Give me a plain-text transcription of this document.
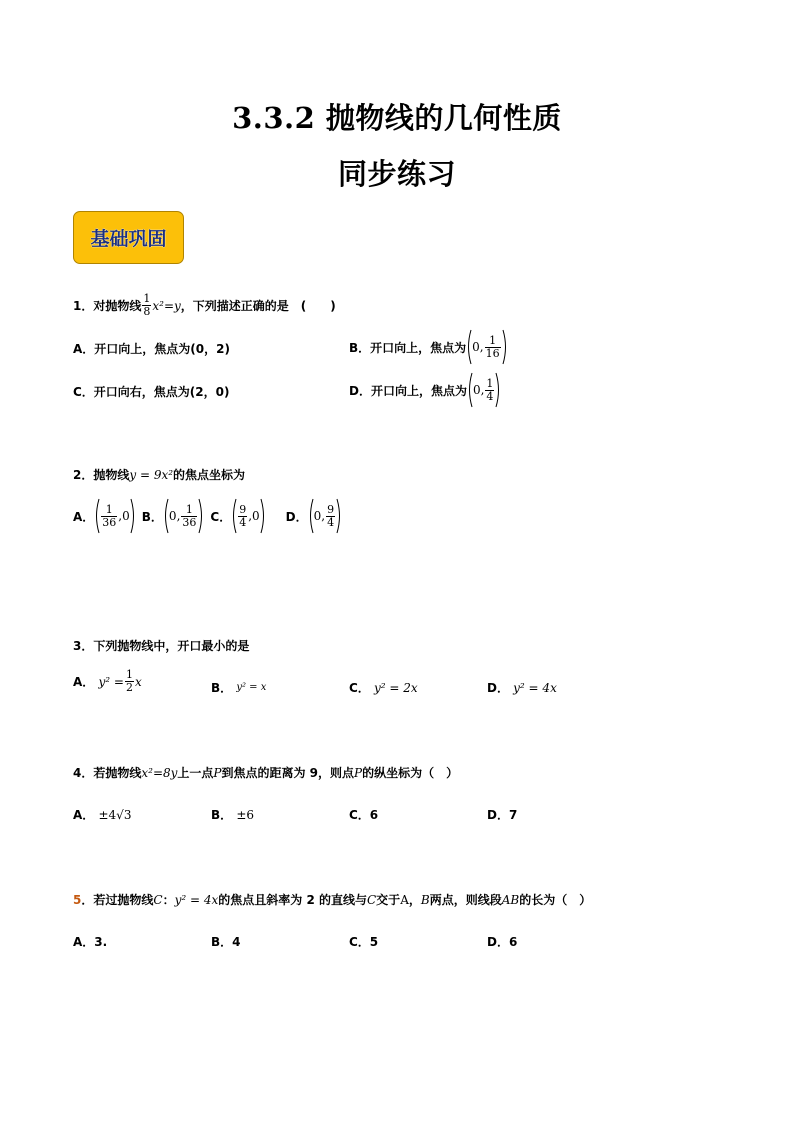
3.3.2 抛物线的几何性质
同步练习
基础巩固
1．对抛物线 $\frac{1}{8} x^2=y$ ，下列描述正确的是　(　　)
A．开口向上，焦点为(0，2)	B．开口向上，焦点为 0, $\frac{1}{16}$
C．开口向右，焦点为(2，0)	D．开口向上，焦点为 0, $\frac{1}{4}$
2．抛物线 y = 9x² 的焦点坐标为
A． $\frac{1}{36}$ , 0 B． 0 , $\frac{1}{36}$ C． $\frac{9}{4}$ , 0 D． 0 , $\frac{9}{4}$
3．下列抛物线中，开口最小的是
A．
$y^2 = \frac{1}{2}$ x	B．
y² = x	C．
y² = 2x	D．
y² = 4x
4．若抛物线 x²=8y 上一点 P 到焦点的距离为 9，则点 P 的纵坐标为（　）
A．
±4√3	B．
±6	C．6	D．7
5 ．若过抛物线 C ： y² = 4x 的焦点且斜率为 2 的直线与 C 交于 A ， B 两点，则线段 AB 的长为（　）
A．3.	B．4	C．5	D．6
